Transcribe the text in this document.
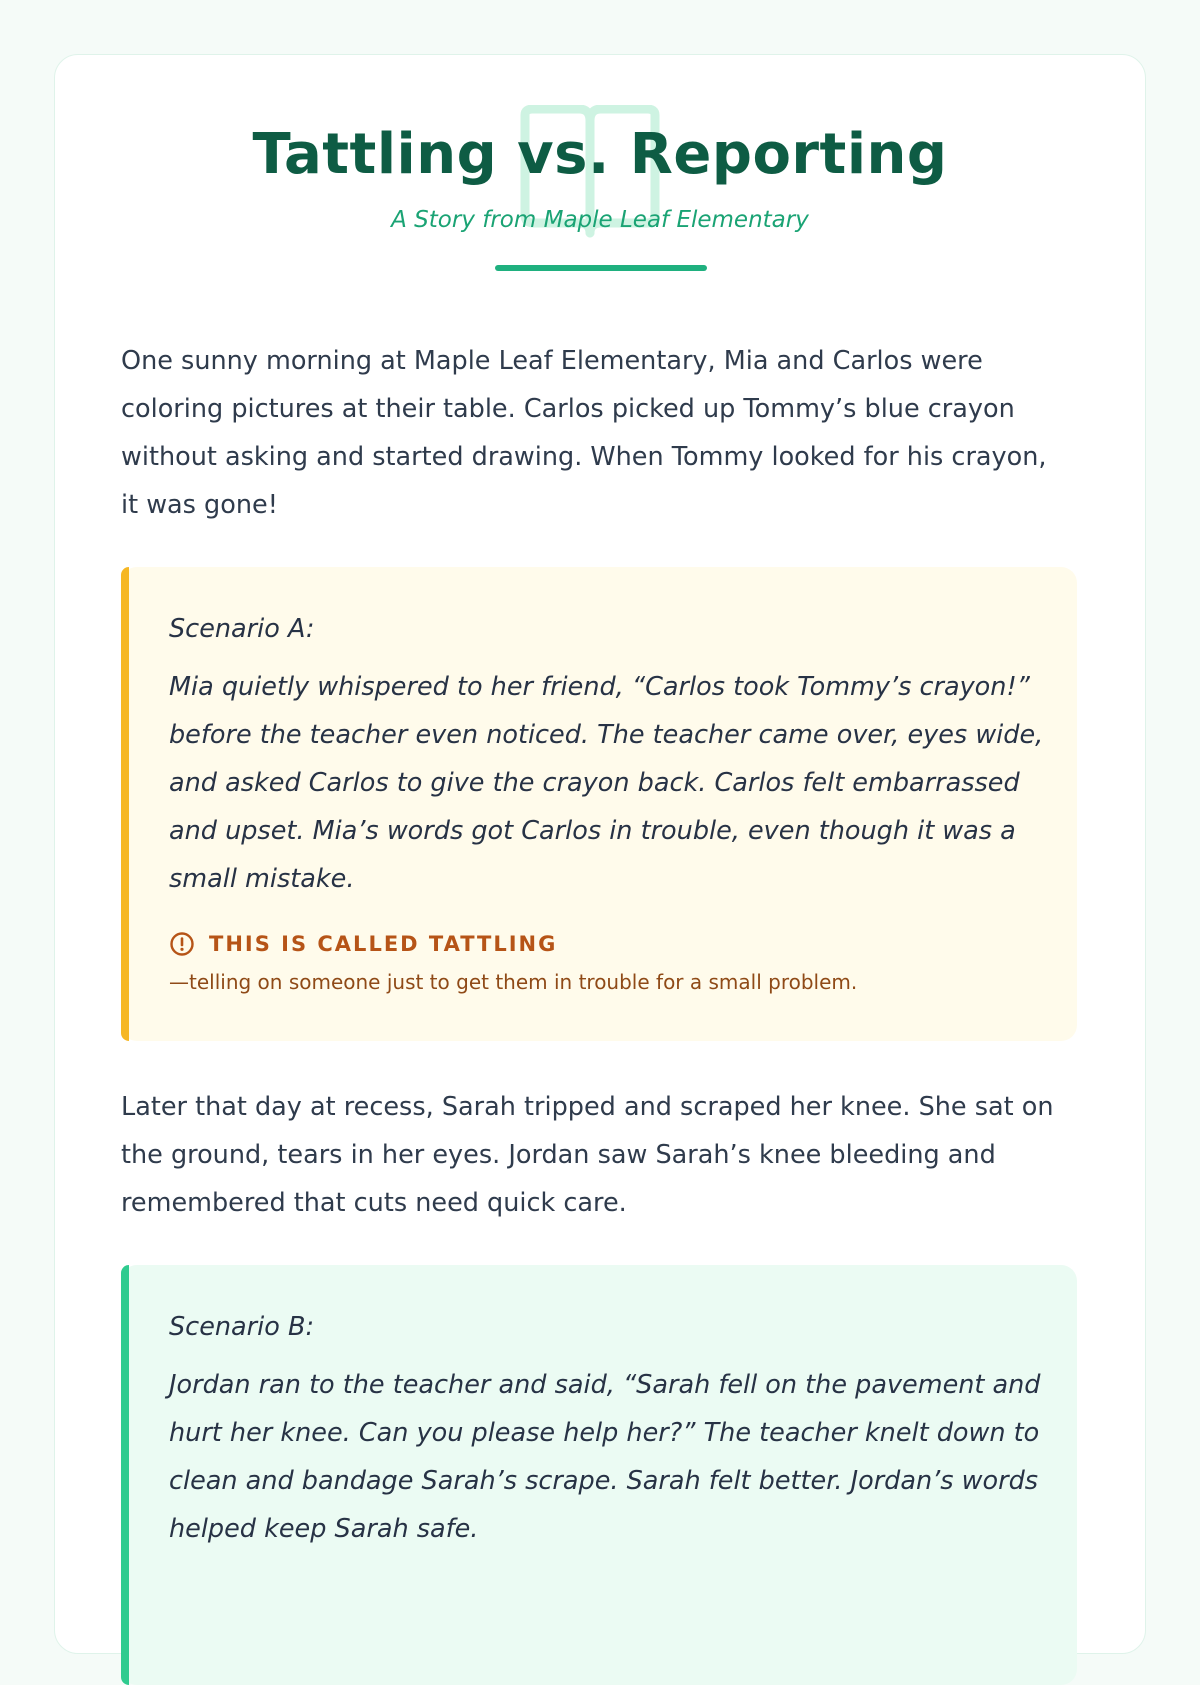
Tattling vs. Reporting

A Story from Maple Leaf Elementary

One sunny morning at Maple Leaf Elementary, Mia and Carlos were coloring pictures at their table. Carlos picked up Tommy’s blue crayon without asking and started drawing. When Tommy looked for his crayon, it was gone!

Scenario A:

Mia quietly whispered to her friend, “Carlos took Tommy’s crayon!” before the teacher even noticed. The teacher came over, eyes wide, and asked Carlos to give the crayon back. Carlos felt embarrassed and upset. Mia’s words got Carlos in trouble, even though it was a small mistake.

THIS IS CALLED TATTLING

—telling on someone just to get them in trouble for a small problem.

Later that day at recess, Sarah tripped and scraped her knee. She sat on the ground, tears in her eyes. Jordan saw Sarah’s knee bleeding and remembered that cuts need quick care.

Scenario B:

Jordan ran to the teacher and said, “Sarah fell on the pavement and hurt her knee. Can you please help her?” The teacher knelt down to clean and bandage Sarah’s scrape. Sarah felt better. Jordan’s words helped keep Sarah safe.
